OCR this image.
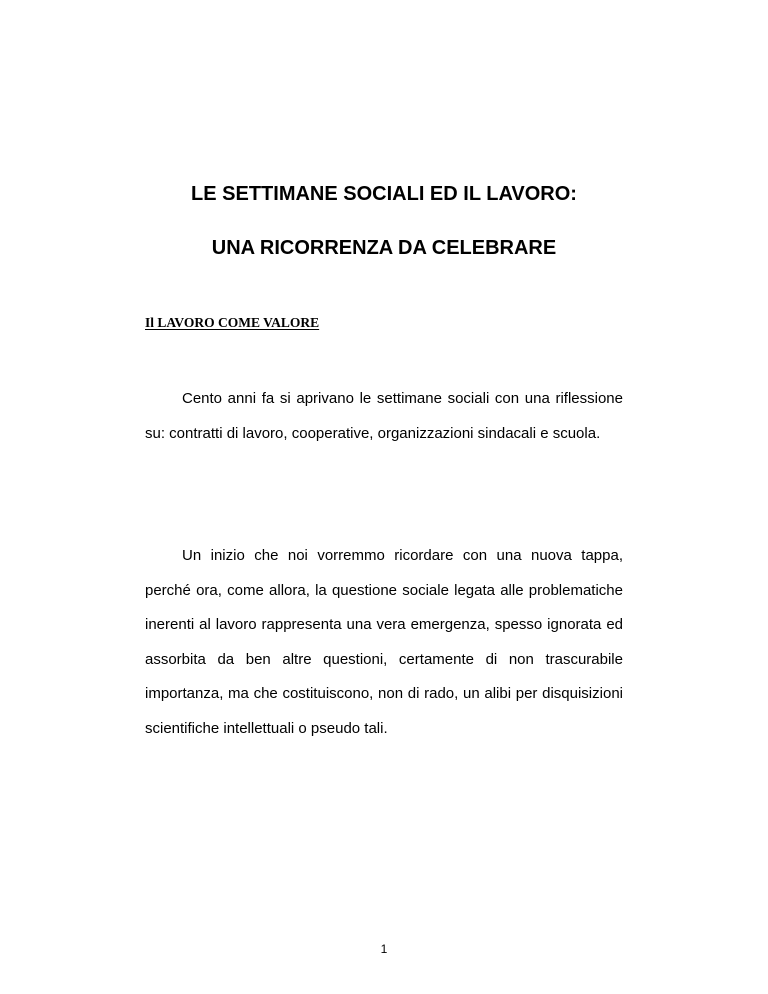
LE SETTIMANE SOCIALI ED IL LAVORO:
UNA RICORRENZA DA CELEBRARE
Il LAVORO COME VALORE

Cento anni fa si aprivano le settimane sociali con una riflessione su: contratti di lavoro, cooperative, organizzazioni sindacali e scuola.

Un inizio che noi vorremmo ricordare con una nuova tappa, perché ora, come allora, la questione sociale legata alle problematiche inerenti al lavoro rappresenta una vera emergenza, spesso ignorata ed assorbita da ben altre questioni, certamente di non trascurabile importanza, ma che costituiscono, non di rado, un alibi per disquisizioni scientifiche intellettuali o pseudo tali.

1
